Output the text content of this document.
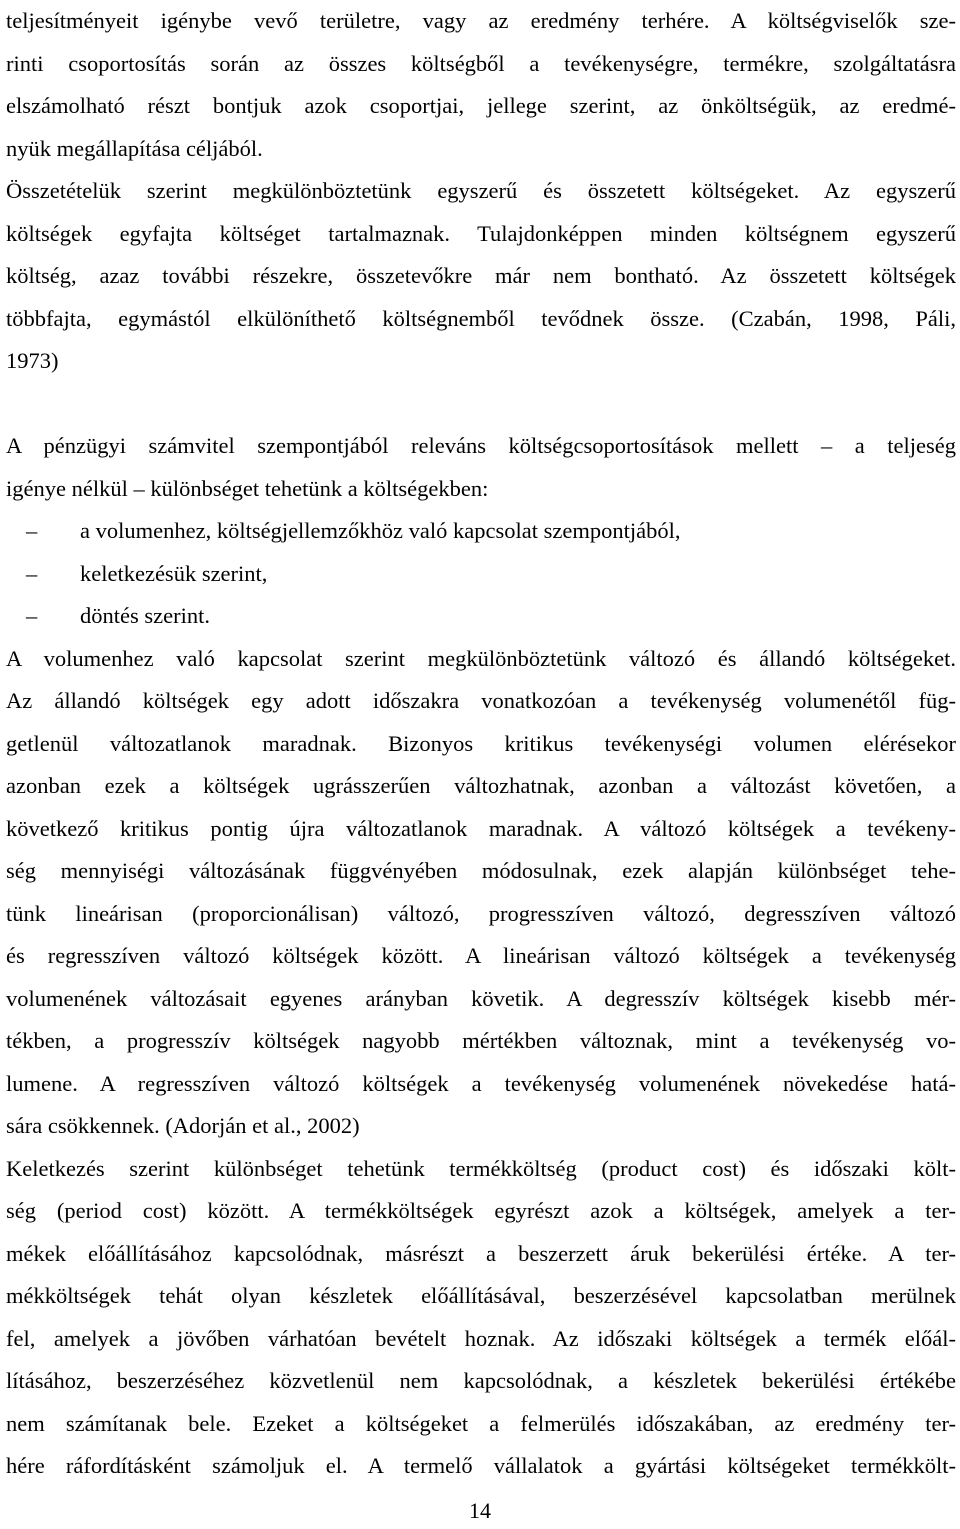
teljesítményeit igénybe vevő területre, vagy az eredmény terhére. A költségviselők sze-
rinti csoportosítás során az összes költségből a tevékenységre, termékre, szolgáltatásra
elszámolható részt bontjuk azok csoportjai, jellege szerint, az önköltségük, az eredmé-
nyük megállapítása céljából.
Összetételük szerint megkülönböztetünk egyszerű és összetett költségeket. Az egyszerű
költségek egyfajta költséget tartalmaznak. Tulajdonképpen minden költségnem egyszerű
költség, azaz további részekre, összetevőkre már nem bontható. Az összetett költségek
többfajta, egymástól elkülöníthető költségnemből tevődnek össze. (Czabán, 1998, Páli,
1973)
A pénzügyi számvitel szempontjából releváns költségcsoportosítások mellett – a teljeség
igénye nélkül – különbséget tehetünk a költségekben:
– a volumenhez, költségjellemzőkhöz való kapcsolat szempontjából,
– keletkezésük szerint,
– döntés szerint.
A volumenhez való kapcsolat szerint megkülönböztetünk változó és állandó költségeket.
Az állandó költségek egy adott időszakra vonatkozóan a tevékenység volumenétől füg-
getlenül változatlanok maradnak. Bizonyos kritikus tevékenységi volumen elérésekor
azonban ezek a költségek ugrásszerűen változhatnak, azonban a változást követően, a
következő kritikus pontig újra változatlanok maradnak. A változó költségek a tevékeny-
ség mennyiségi változásának függvényében módosulnak, ezek alapján különbséget tehe-
tünk lineárisan (proporcionálisan) változó, progresszíven változó, degresszíven változó
és regresszíven változó költségek között. A lineárisan változó költségek a tevékenység
volumenének változásait egyenes arányban követik. A degresszív költségek kisebb mér-
tékben, a progresszív költségek nagyobb mértékben változnak, mint a tevékenység vo-
lumene. A regresszíven változó költségek a tevékenység volumenének növekedése hatá-
sára csökkennek. (Adorján et al., 2002)
Keletkezés szerint különbséget tehetünk termékköltség (product cost) és időszaki költ-
ség (period cost) között. A termékköltségek egyrészt azok a költségek, amelyek a ter-
mékek előállításához kapcsolódnak, másrészt a beszerzett áruk bekerülési értéke. A ter-
mékköltségek tehát olyan készletek előállításával, beszerzésével kapcsolatban merülnek
fel, amelyek a jövőben várhatóan bevételt hoznak. Az időszaki költségek a termék előál-
lításához, beszerzéséhez közvetlenül nem kapcsolódnak, a készletek bekerülési értékébe
nem számítanak bele. Ezeket a költségeket a felmerülés időszakában, az eredmény ter-
hére ráfordításként számoljuk el. A termelő vállalatok a gyártási költségeket termékkölt-
14
